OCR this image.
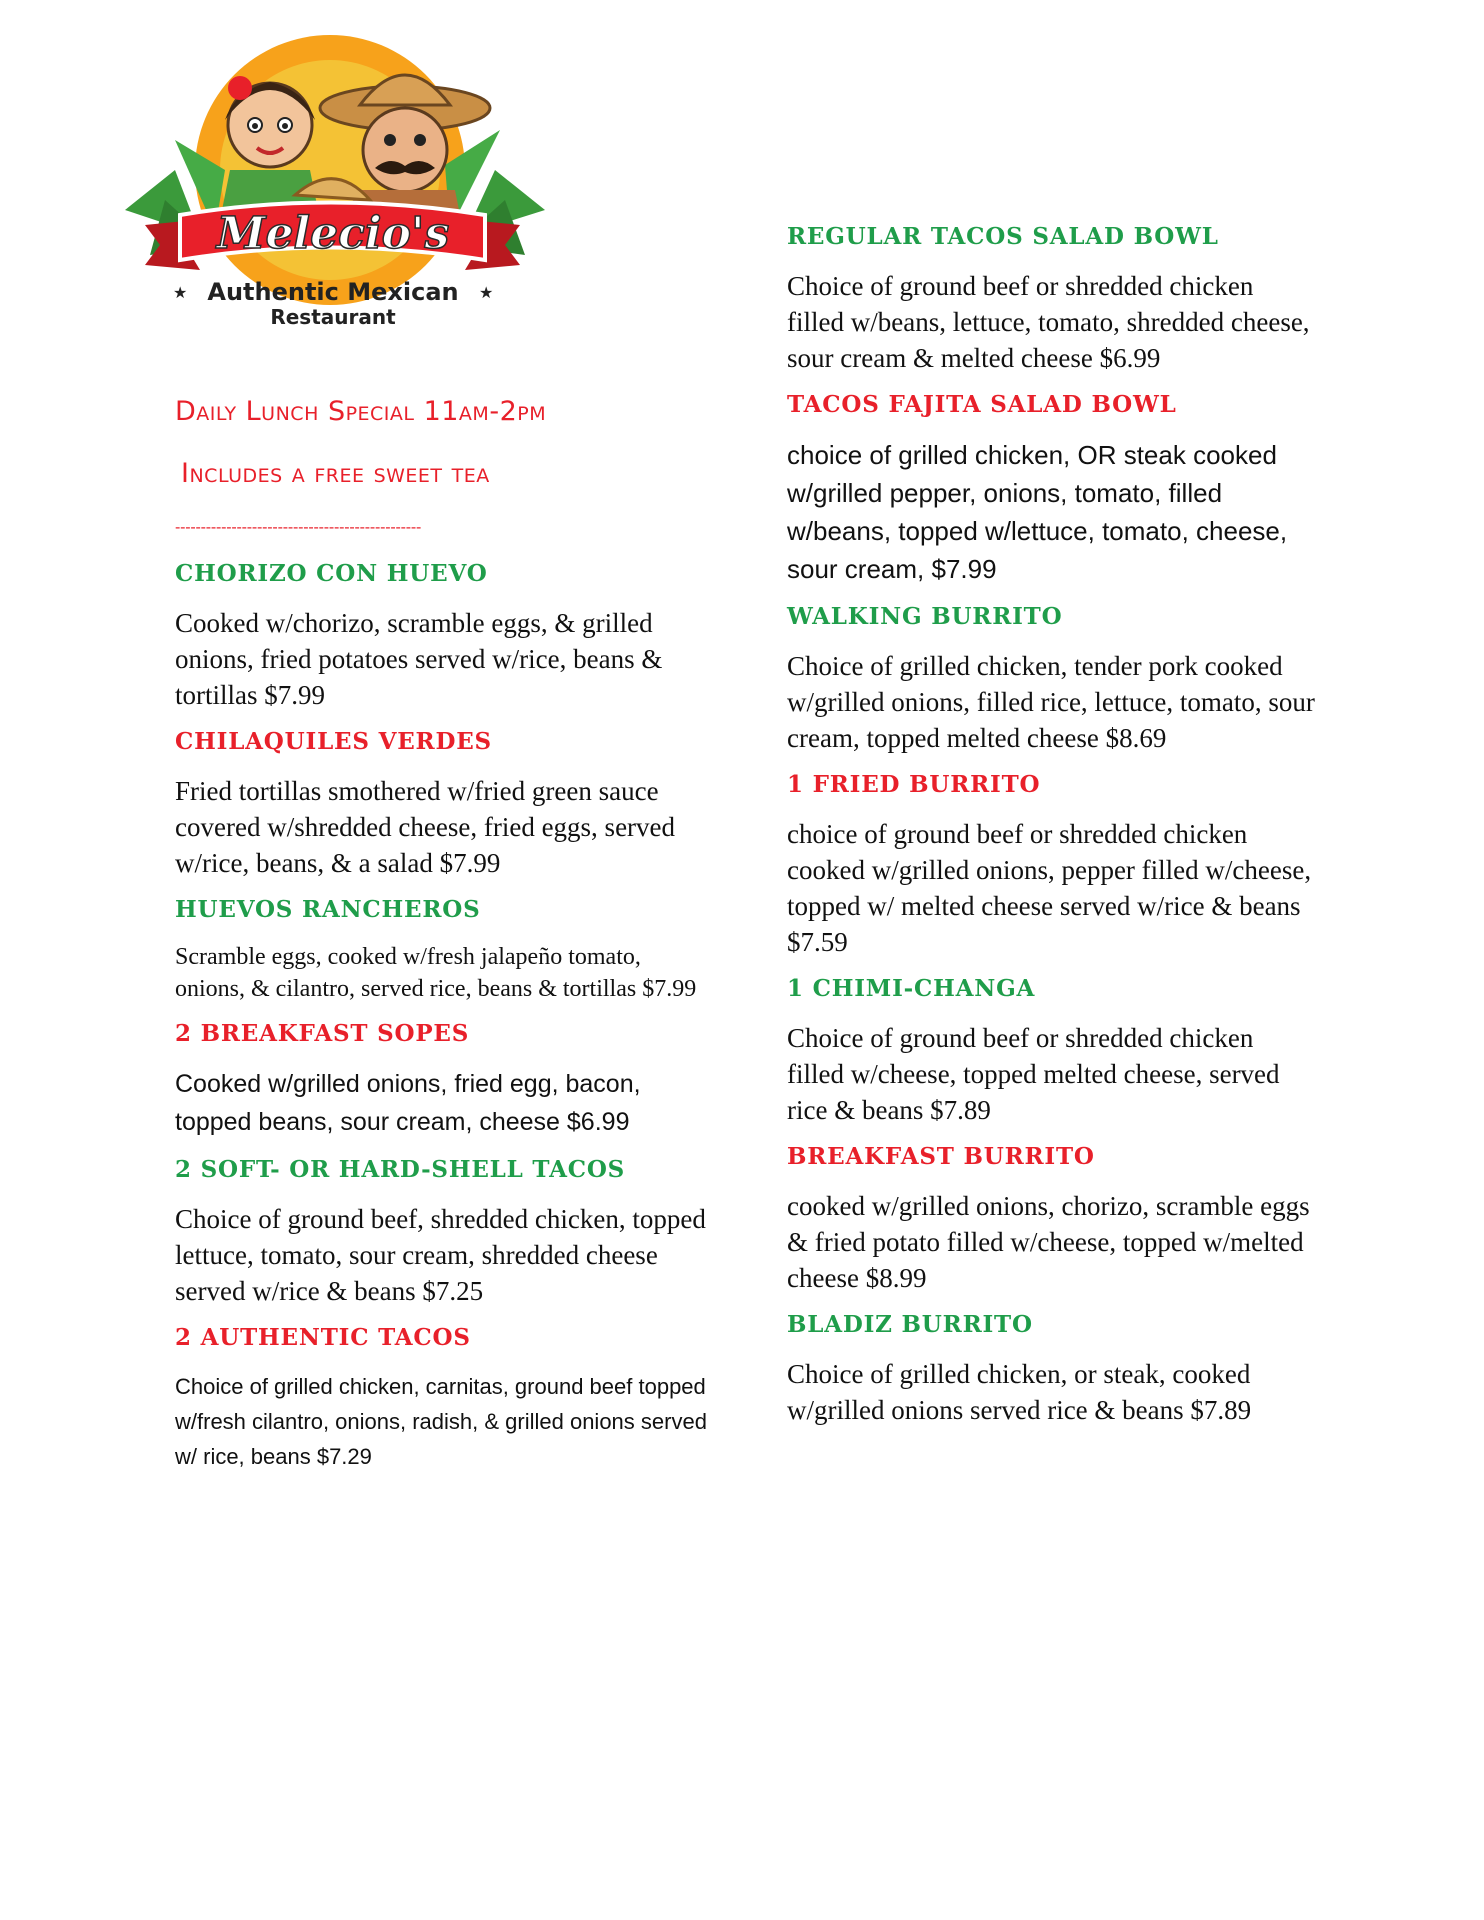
Melecio's
Authentic Mexican
★	★
Restaurant
Daily Lunch Special 11am-2pm
Includes a free sweet tea
------------------------------------------------
CHORIZO CON HUEVO
Cooked w/chorizo, scramble eggs, & grilled onions, fried potatoes served w/rice, beans & tortillas $7.99
CHILAQUILES VERDES
Fried tortillas smothered w/fried green sauce covered w/shredded cheese, fried eggs, served w/rice, beans, & a salad $7.99
HUEVOS RANCHEROS
Scramble eggs, cooked w/fresh jalapeño tomato, onions, & cilantro, served rice, beans & tortillas $7.99
2 BREAKFAST SOPES
Cooked w/grilled onions, fried egg, bacon, topped beans, sour cream, cheese $6.99
2 SOFT- OR HARD-SHELL TACOS
Choice of ground beef, shredded chicken, topped lettuce, tomato, sour cream, shredded cheese served w/rice & beans $7.25
2 AUTHENTIC TACOS
Choice of grilled chicken, carnitas, ground beef topped w/fresh cilantro, onions, radish, & grilled onions served w/ rice, beans $7.29
REGULAR TACOS SALAD BOWL
Choice of ground beef or shredded chicken filled w/beans, lettuce, tomato, shredded cheese, sour cream & melted cheese $6.99
TACOS FAJITA SALAD BOWL
choice of grilled chicken, OR steak cooked w/grilled pepper, onions, tomato, filled w/beans, topped w/lettuce, tomato, cheese, sour cream, $7.99
WALKING BURRITO
Choice of grilled chicken, tender pork cooked w/grilled onions, filled rice, lettuce, tomato, sour cream, topped melted cheese $8.69
1 FRIED BURRITO
choice of ground beef or shredded chicken cooked w/grilled onions, pepper filled w/cheese, topped w/ melted cheese served w/rice & beans $7.59
1 CHIMI-CHANGA
Choice of ground beef or shredded chicken filled w/cheese, topped melted cheese, served rice & beans $7.89
BREAKFAST BURRITO
cooked w/grilled onions, chorizo, scramble eggs & fried potato filled w/cheese, topped w/melted cheese $8.99
BLADIZ BURRITO
Choice of grilled chicken, or steak, cooked w/grilled onions served rice & beans $7.89
